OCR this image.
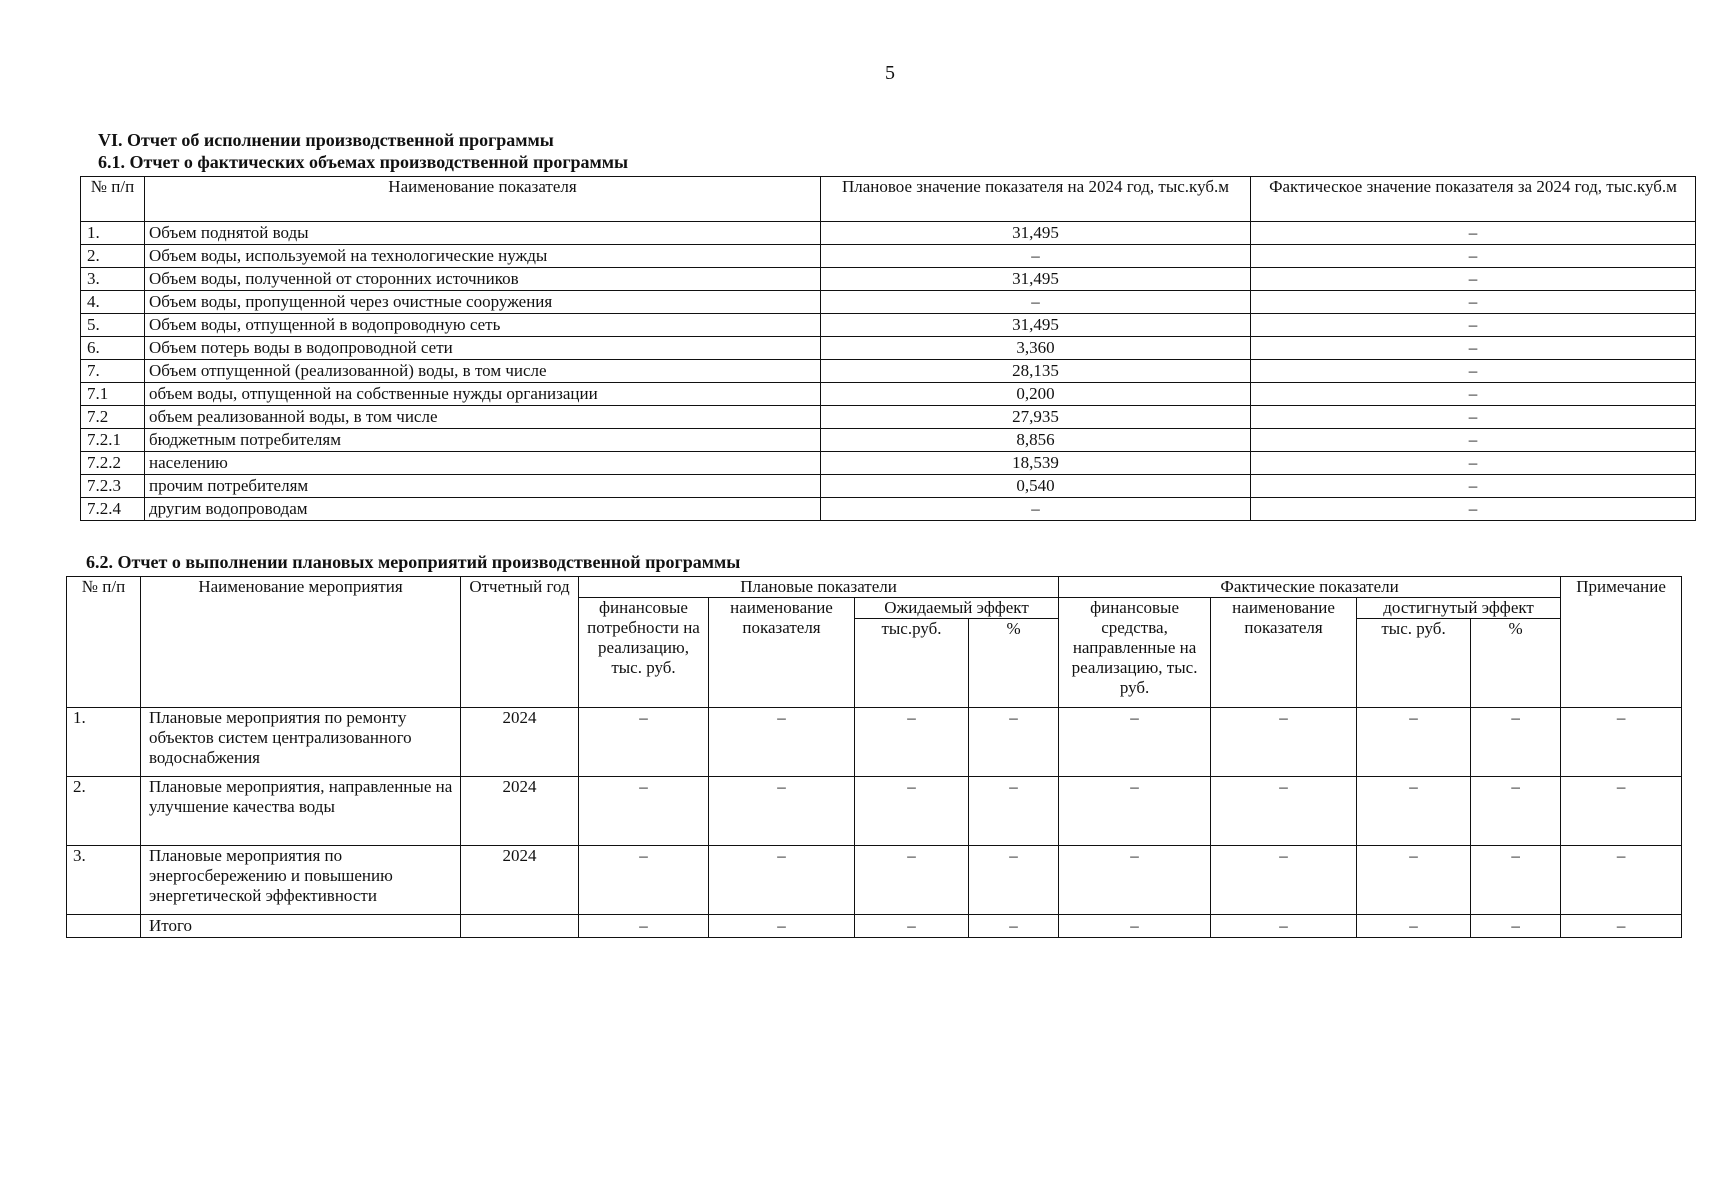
5
VI. Отчет об исполнении производственной программы
6.1. Отчет о фактических объемах производственной программы
№ п/п	Наименование показателя	Плановое значение показателя на 2024 год, тыс.куб.м	Фактическое значение показателя за 2024 год, тыс.куб.м
1.	Объем поднятой воды	31,495	–
2.	Объем воды, используемой на технологические нужды	–	–
3.	Объем воды, полученной от сторонних источников	31,495	–
4.	Объем воды, пропущенной через очистные сооружения	–	–
5.	Объем воды, отпущенной в водопроводную сеть	31,495	–
6.	Объем потерь воды в водопроводной сети	3,360	–
7.	Объем отпущенной (реализованной) воды, в том числе	28,135	–
7.1	объем воды, отпущенной на собственные нужды организации	0,200	–
7.2	объем реализованной воды, в том числе	27,935	–
7.2.1	бюджетным потребителям	8,856	–
7.2.2	населению	18,539	–
7.2.3	прочим потребителям	0,540	–
7.2.4	другим водопроводам	–	–
6.2. Отчет о выполнении плановых мероприятий производственной программы
№ п/п	Наименование мероприятия	Отчетный год	Плановые показатели				Фактические показатели				Примечание
			финансовые потребности на реализацию, тыс. руб.	наименование показателя	Ожидаемый эффект		финансовые средства, направленные на реализацию, тыс. руб.	наименование показателя	достигнутый эффект		
					тыс.руб.	%			тыс. руб.	%	
1.	Плановые мероприятия по ремонту объектов систем централизованного водоснабжения	2024	–	–	–	–	–	–	–	–	–
2.	Плановые мероприятия, направленные на улучшение качества воды	2024	–	–	–	–	–	–	–	–	–
3.	Плановые мероприятия по энергосбережению и повышению энергетической эффективности	2024	–	–	–	–	–	–	–	–	–
	Итого		–	–	–	–	–	–	–	–	–
